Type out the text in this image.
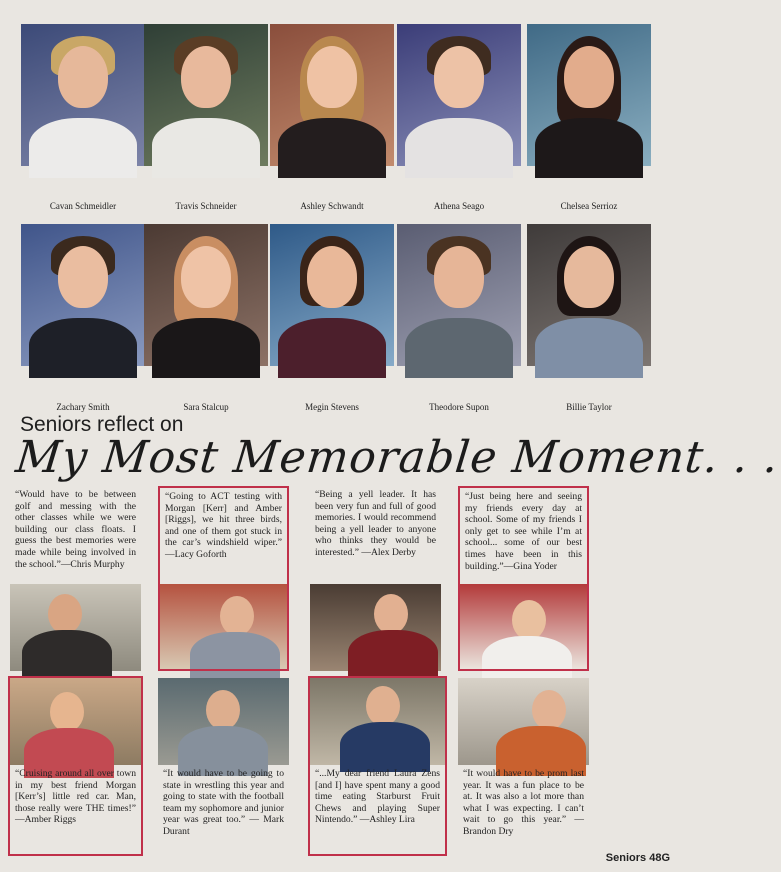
Cavan Schmeidler	Travis Schneider	Ashley Schwandt	Athena Seago	Chelsea Serrioz
Zachary Smith	Sara Stalcup	Megin Stevens	Theodore Supon	Billie Taylor
Seniors reflect on
My Most Memorable Moment. . .
“Would have to be between golf and messing with the other classes while we were building our class floats. I guess the best memories were made while being involved in the school.”—Chris Murphy
“Going to ACT testing with Morgan [Kerr] and Amber [Riggs], we hit three birds, and one of them got stuck in the car’s windshield wiper.” —Lacy Goforth
“Being a yell leader. It has been very fun and full of good memories. I would recommend being a yell leader to anyone who thinks they would be interested.” —Alex Derby
“Just being here and seeing my friends every day at school. Some of my friends I only get to see while I’m at school... some of our best times have been in this building.”—Gina Yoder
“Cruising around all over town in my best friend Morgan [Kerr’s] little red car. Man, those really were THE times!” —Amber Riggs
“It would have to be going to state in wrestling this year and going to state with the football team my sophomore and junior year was great too.” — Mark Durant
“...My dear friend Laura Zens [and I] have spent many a good time eating Starburst Fruit Chews and playing Super Nintendo.” —Ashley Lira
“It would have to be prom last year. It was a fun place to be at. It was also a lot more than what I was expecting. I can’t wait to go this year.” —Brandon Dry
Seniors 48G
